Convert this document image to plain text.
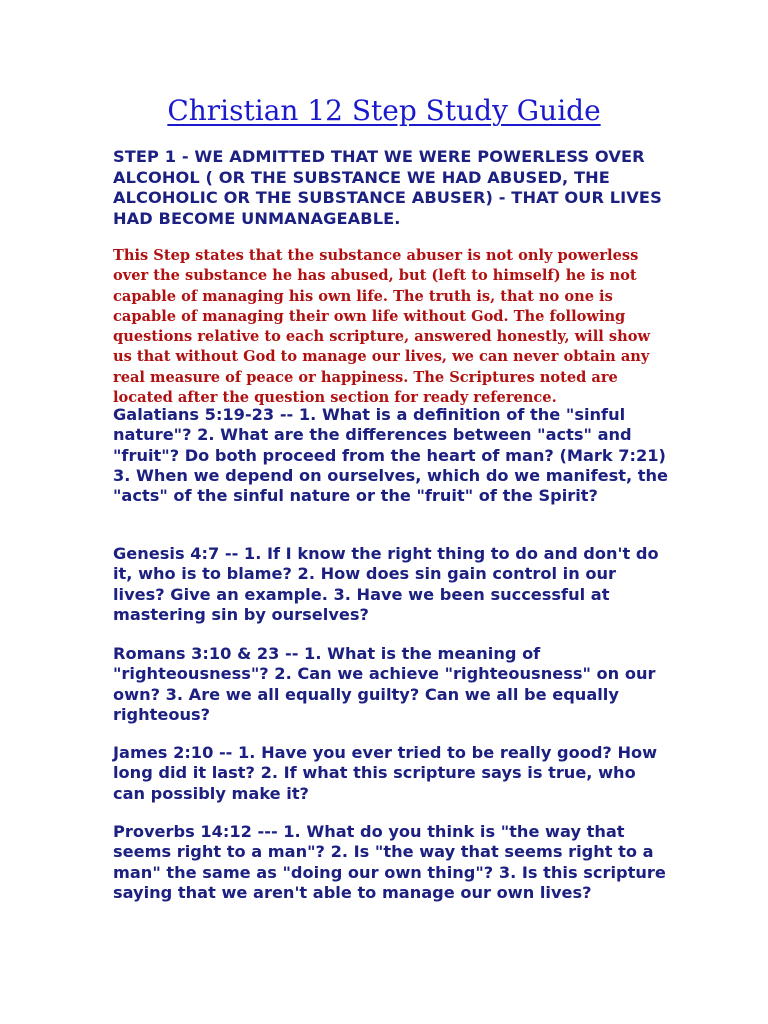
Christian 12 Step Study Guide

STEP 1 - WE ADMITTED THAT WE WERE POWERLESS OVER ALCOHOL ( OR THE SUBSTANCE WE HAD ABUSED, THE ALCOHOLIC OR THE SUBSTANCE ABUSER) - THAT OUR LIVES HAD BECOME UNMANAGEABLE.

This Step states that the substance abuser is not only powerless over the substance he has abused, but (left to himself) he is not capable of managing his own life. The truth is, that no one is capable of managing their own life without God. The following questions relative to each scripture, answered honestly, will show us that without God to manage our lives, we can never obtain any real measure of peace or happiness. The Scriptures noted are located after the question section for ready reference.

Galatians 5:19-23 -- 1. What is a definition of the "sinful nature"? 2. What are the differences between "acts" and "fruit"? Do both proceed from the heart of man? (Mark 7:21) 3. When we depend on ourselves, which do we manifest, the "acts" of the sinful nature or the "fruit" of the Spirit?

Genesis 4:7 -- 1. If I know the right thing to do and don't do it, who is to blame? 2. How does sin gain control in our lives? Give an example. 3. Have we been successful at mastering sin by ourselves?

Romans 3:10 & 23 -- 1. What is the meaning of "righteousness"? 2. Can we achieve "righteousness" on our own? 3. Are we all equally guilty? Can we all be equally righteous?

James 2:10 -- 1. Have you ever tried to be really good? How long did it last? 2. If what this scripture says is true, who can possibly make it?

Proverbs 14:12 --- 1. What do you think is "the way that seems right to a man"? 2. Is "the way that seems right to a man" the same as "doing our own thing"? 3. Is this scripture saying that we aren't able to manage our own lives?
